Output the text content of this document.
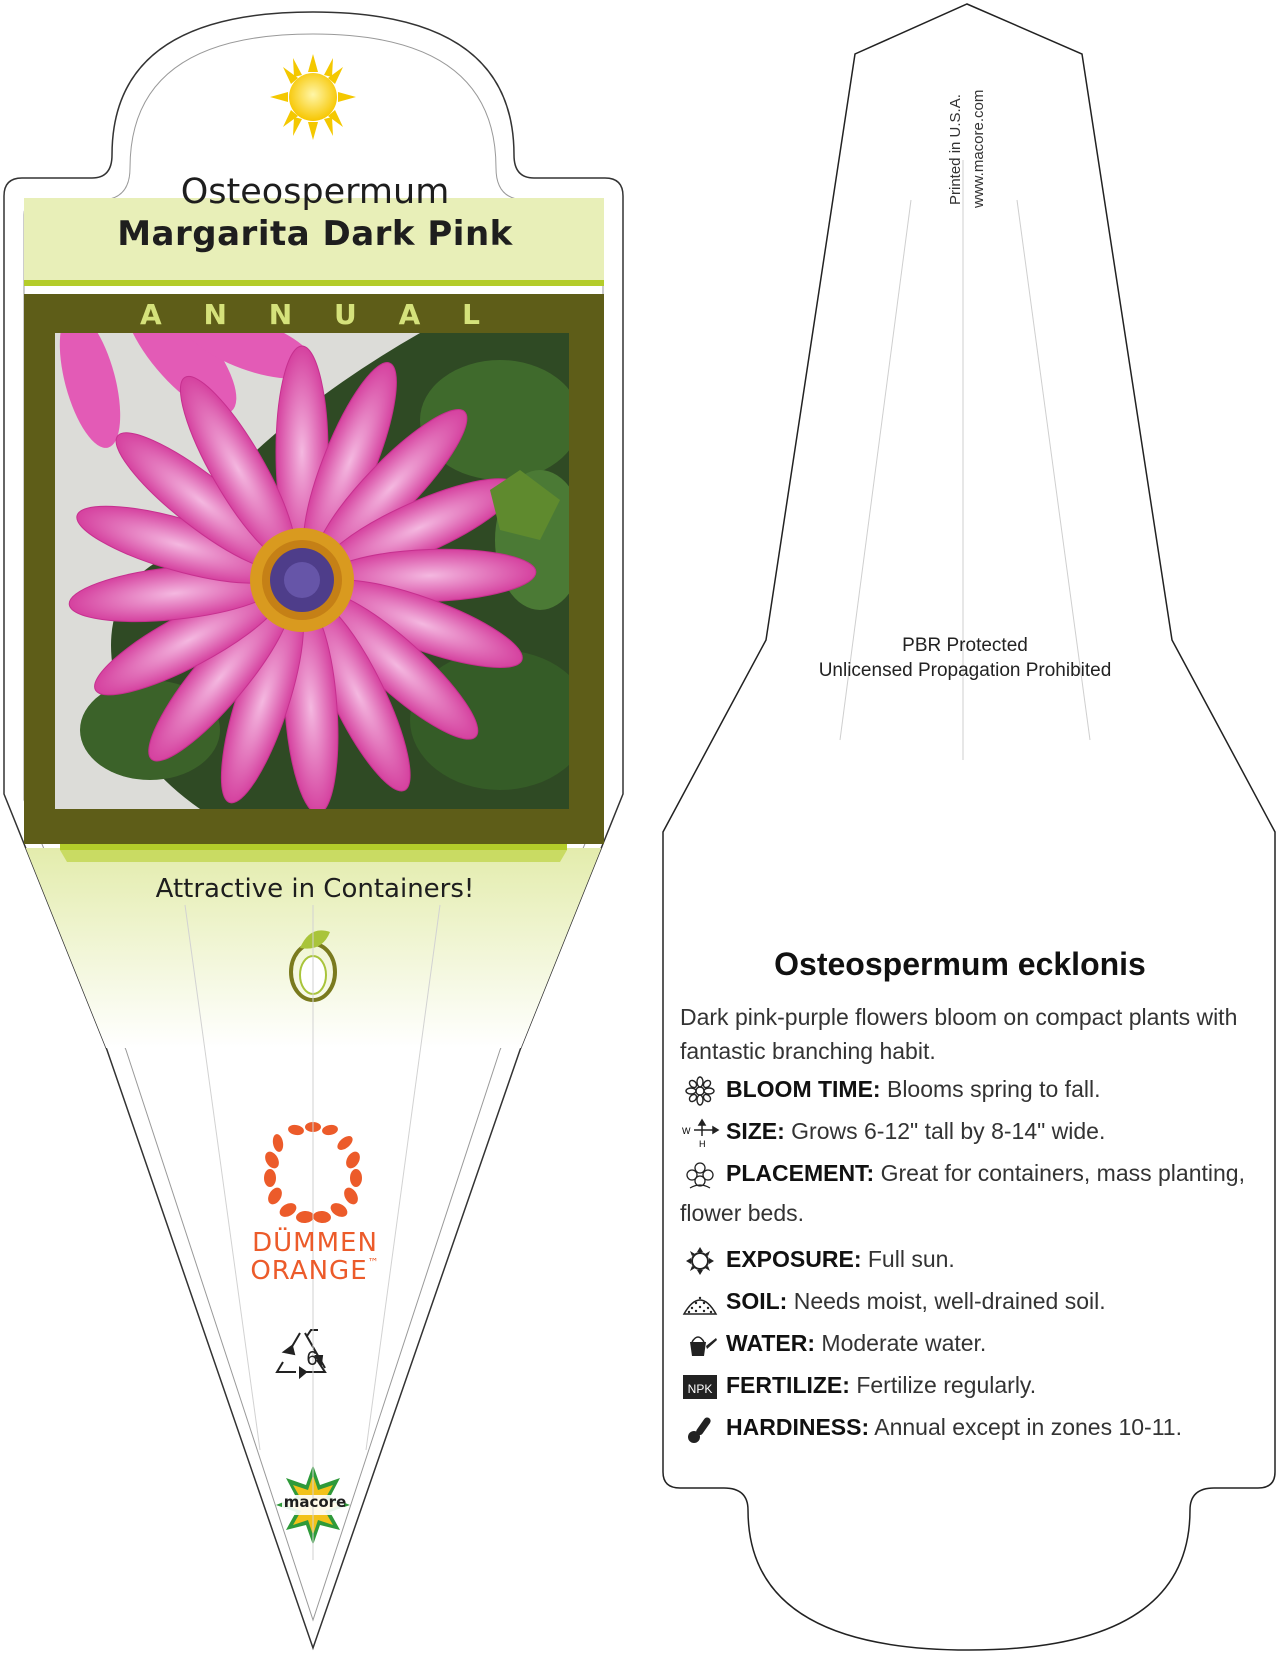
Osteospermum
Margarita Dark Pink
A N N U A L
Attractive in Containers!
DÜMMEN
ORANGE™
6
macore
Printed in U.S.A. www.macore.com
PBR Protected
Unlicensed Propagation Prohibited
Osteospermum ecklonis
Dark pink-purple flowers bloom on compact plants with fantastic branching habit.
BLOOM TIME: Blooms spring to fall.
W
H SIZE: Grows 6-12" tall by 8-14" wide.
PLACEMENT: Great for containers, mass planting,
flower beds.
EXPOSURE: Full sun.
SOIL: Needs moist, well-drained soil.
WATER: Moderate water.
NPK FERTILIZE: Fertilize regularly.
HARDINESS: Annual except in zones 10-11.
